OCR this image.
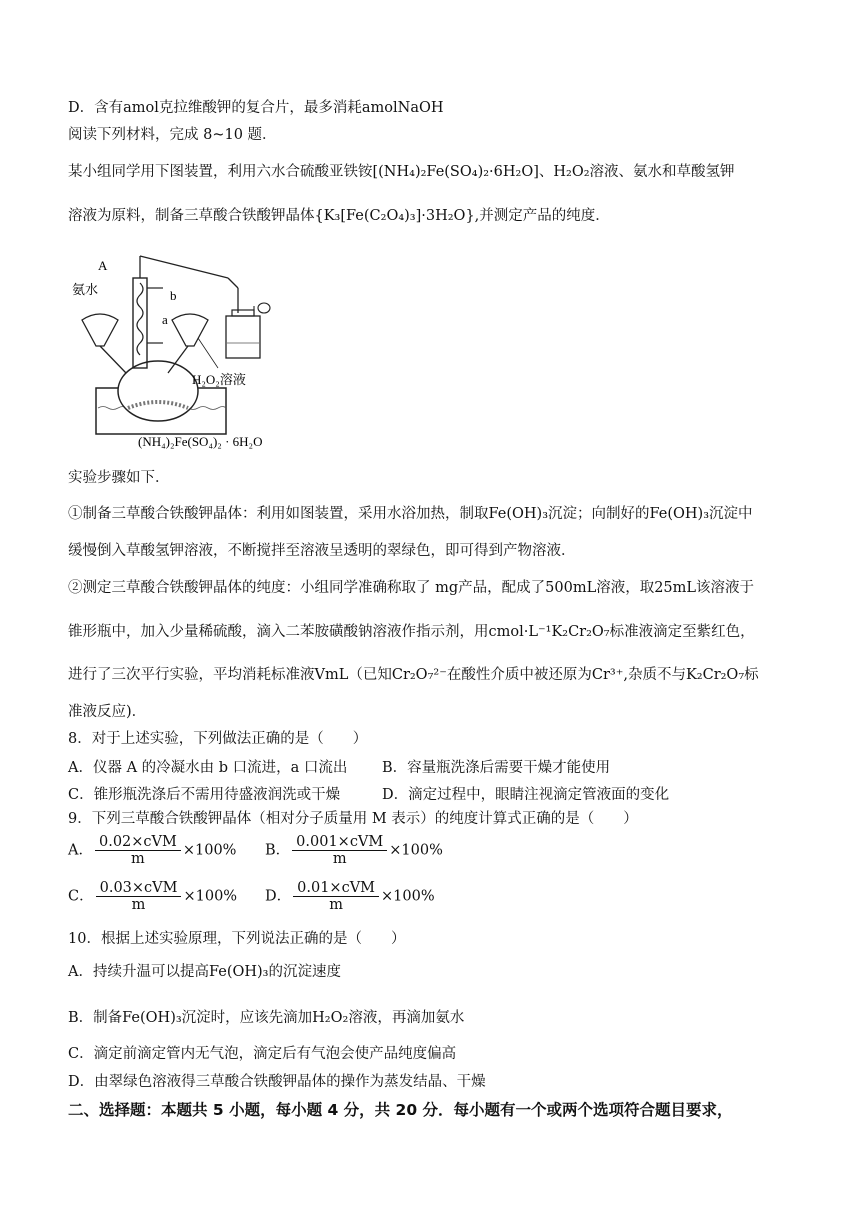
D．含有amol克拉维酸钾的复合片，最多消耗amolNaOH
阅读下列材料，完成 8~10 题．
某小组同学用下图装置，利用六水合硫酸亚铁铵[(NH₄)₂Fe(SO₄)₂·6H₂O]、H₂O₂溶液、氨水和草酸氢钾
溶液为原料，制备三草酸合铁酸钾晶体{K₃[Fe(C₂O₄)₃]·3H₂O},并测定产品的纯度．
A
b
a
氨水
H₂O₂溶液
(NH₄)₂Fe(SO₄)₂ · 6H₂O
实验步骤如下．
①制备三草酸合铁酸钾晶体：利用如图装置，采用水浴加热，制取Fe(OH)₃沉淀；向制好的Fe(OH)₃沉淀中
缓慢倒入草酸氢钾溶液，不断搅拌至溶液呈透明的翠绿色，即可得到产物溶液．
②测定三草酸合铁酸钾晶体的纯度：小组同学准确称取了 mg产品，配成了500mL溶液，取25mL该溶液于
锥形瓶中，加入少量稀硫酸，滴入二苯胺磺酸钠溶液作指示剂，用cmol·L⁻¹K₂Cr₂O₇标准液滴定至紫红色，
进行了三次平行实验，平均消耗标准液VmL（已知Cr₂O₇²⁻在酸性介质中被还原为Cr³⁺,杂质不与K₂Cr₂O₇标
准液反应)．
8．对于上述实验，下列做法正确的是（　　）
A．仪器 A 的冷凝水由 b 口流进，a 口流出 B．容量瓶洗涤后需要干燥才能使用
C．锥形瓶洗涤后不需用待盛液润洗或干燥	D．滴定过程中，眼睛注视滴定管液面的变化
9．下列三草酸合铁酸钾晶体（相对分子质量用 M 表示）的纯度计算式正确的是（　　）
A． $\frac{\text{0.02×cVM}}{m} \times 100\%$ B． $\frac{\text{0.001×cVM}}{m} \times 100\%$
C． $\frac{\text{0.03×cVM}}{m} \times 100\%$ D． $\frac{\text{0.01×cVM}}{m} \times 100\%$
10．根据上述实验原理，下列说法正确的是（　　）
A．持续升温可以提高Fe(OH)₃的沉淀速度
B．制备Fe(OH)₃沉淀时，应该先滴加H₂O₂溶液，再滴加氨水
C．滴定前滴定管内无气泡，滴定后有气泡会使产品纯度偏高
D．由翠绿色溶液得三草酸合铁酸钾晶体的操作为蒸发结晶、干燥
二、选择题：本题共 5 小题，每小题 4 分，共 20 分．每小题有一个或两个选项符合题目要求，
